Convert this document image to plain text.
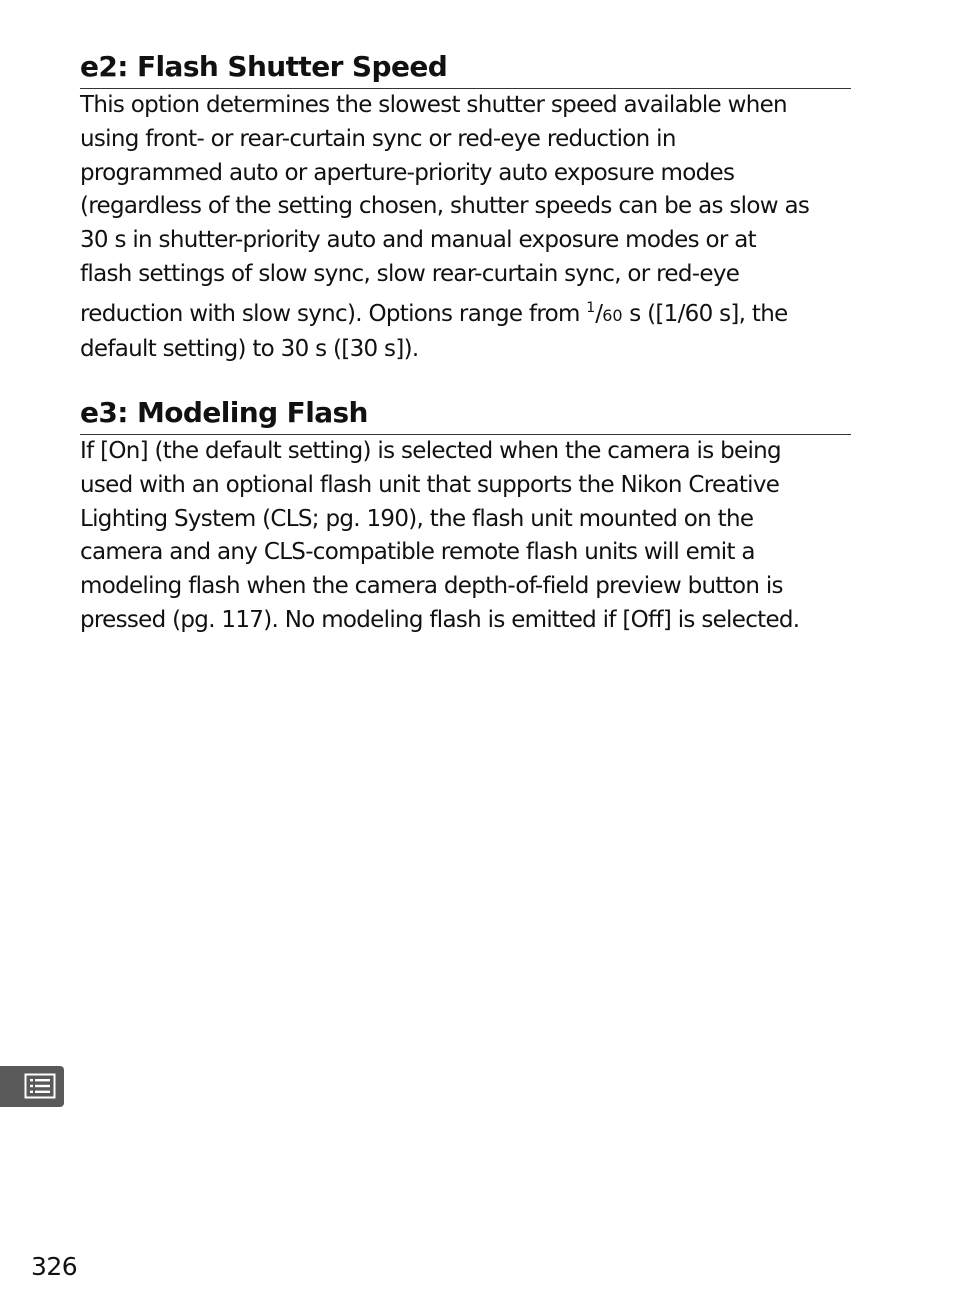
e2: Flash Shutter Speed

This option determines the slowest shutter speed available when
using front- or rear-curtain sync or red-eye reduction in
programmed auto or aperture-priority auto exposure modes
(regardless of the setting chosen, shutter speeds can be as slow as
30 s in shutter-priority auto and manual exposure modes or at
flash settings of slow sync, slow rear-curtain sync, or red-eye
reduction with slow sync). Options range from $^1$/60 s ([1/60 s], the
default setting) to 30 s ([30 s]).

e3: Modeling Flash

If [On] (the default setting) is selected when the camera is being
used with an optional flash unit that supports the Nikon Creative
Lighting System (CLS; pg. 190), the flash unit mounted on the
camera and any CLS-compatible remote flash units will emit a
modeling flash when the camera depth-of-field preview button is
pressed (pg. 117). No modeling flash is emitted if [Off] is selected.

326
